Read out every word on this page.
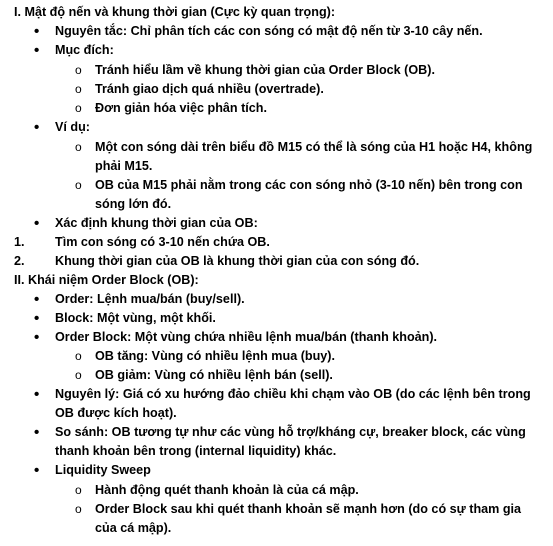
I. Mật độ nến và khung thời gian (Cực kỳ quan trọng):
• Nguyên tắc: Chỉ phân tích các con sóng có mật độ nến từ 3-10 cây nến.
• Mục đích:
o Tránh hiểu lầm về khung thời gian của Order Block (OB).
o Tránh giao dịch quá nhiều (overtrade).
o Đơn giản hóa việc phân tích.
• Ví dụ:
o Một con sóng dài trên biểu đồ M15 có thể là sóng của H1 hoặc H4, không
phải M15.
o OB của M15 phải nằm trong các con sóng nhỏ (3-10 nến) bên trong con
sóng lớn đó.
• Xác định khung thời gian của OB:
1. Tìm con sóng có 3-10 nến chứa OB.
2. Khung thời gian của OB là khung thời gian của con sóng đó.
II. Khái niệm Order Block (OB):
• Order: Lệnh mua/bán (buy/sell).
• Block: Một vùng, một khối.
• Order Block: Một vùng chứa nhiều lệnh mua/bán (thanh khoản).
o OB tăng: Vùng có nhiều lệnh mua (buy).
o OB giảm: Vùng có nhiều lệnh bán (sell).
• Nguyên lý: Giá có xu hướng đảo chiều khi chạm vào OB (do các lệnh bên trong
OB được kích hoạt).
• So sánh: OB tương tự như các vùng hỗ trợ/kháng cự, breaker block, các vùng
thanh khoản bên trong (internal liquidity) khác.
• Liquidity Sweep
o Hành động quét thanh khoản là của cá mập.
o Order Block sau khi quét thanh khoản sẽ mạnh hơn (do có sự tham gia
của cá mập).
